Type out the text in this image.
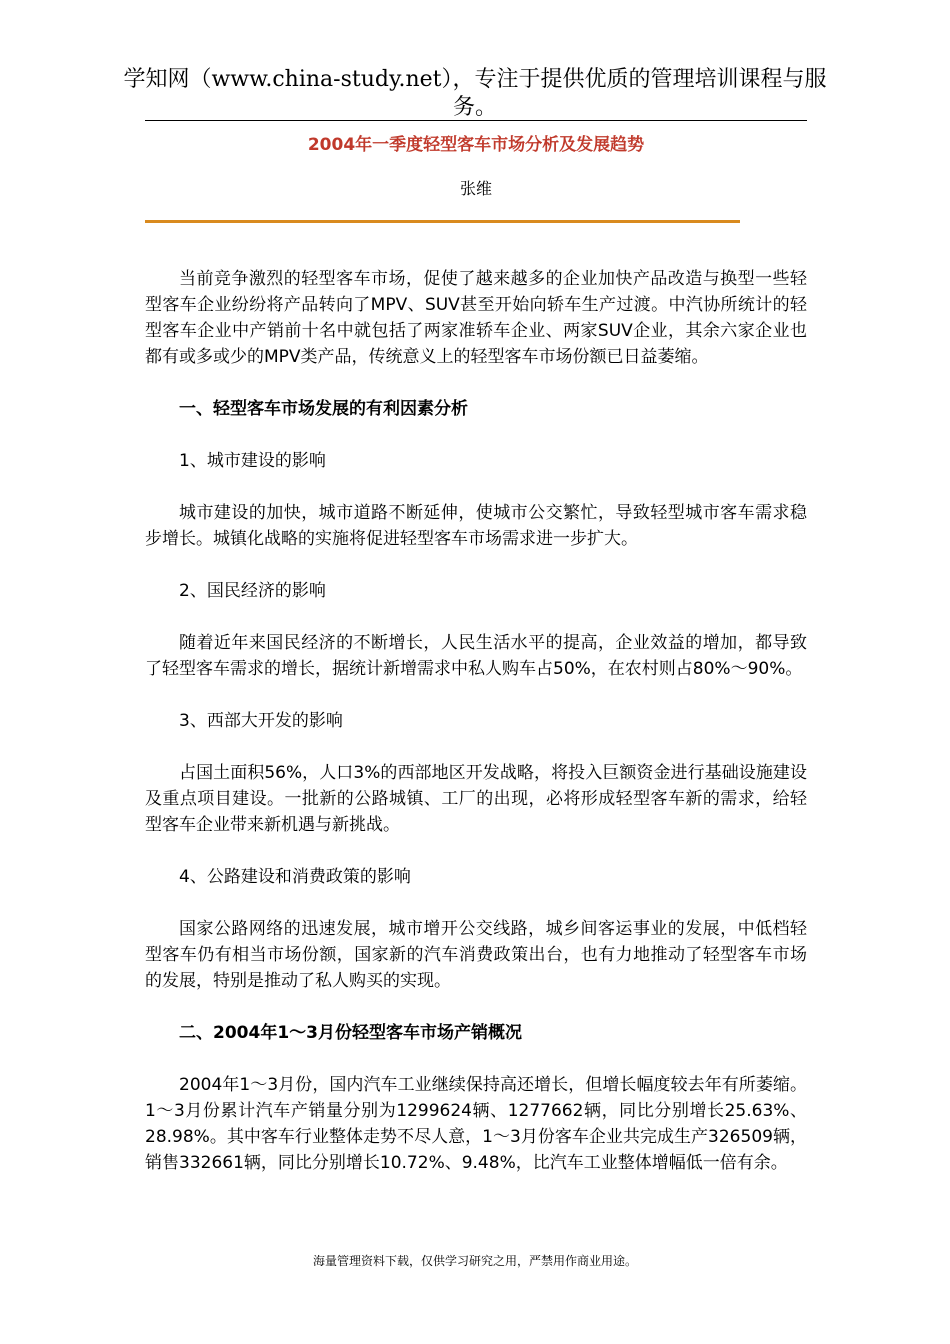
学知网（www.china-study.net），专注于提供优质的管理培训课程与服务。
2004年一季度轻型客车市场分析及发展趋势
张维

当前竞争激烈的轻型客车市场，促使了越来越多的企业加快产品改造与换型一些轻型客车企业纷纷将产品转向了MPV、SUV甚至开始向轿车生产过渡。中汽协所统计的轻型客车企业中产销前十名中就包括了两家准轿车企业、两家SUV企业，其余六家企业也都有或多或少的MPV类产品，传统意义上的轻型客车市场份额已日益萎缩。

一、轻型客车市场发展的有利因素分析
1、城市建设的影响

城市建设的加快，城市道路不断延伸，使城市公交繁忙，导致轻型城市客车需求稳步增长。城镇化战略的实施将促进轻型客车市场需求进一步扩大。

2、国民经济的影响

随着近年来国民经济的不断增长，人民生活水平的提高，企业效益的增加，都导致了轻型客车需求的增长，据统计新增需求中私人购车占50%，在农村则占80%～90%。

3、西部大开发的影响

占国土面积56%，人口3%的西部地区开发战略，将投入巨额资金进行基础设施建设及重点项目建设。一批新的公路城镇、工厂的出现，必将形成轻型客车新的需求，给轻型客车企业带来新机遇与新挑战。

4、公路建设和消费政策的影响

国家公路网络的迅速发展，城市增开公交线路，城乡间客运事业的发展，中低档轻型客车仍有相当市场份额，国家新的汽车消费政策出台，也有力地推动了轻型客车市场的发展，特别是推动了私人购买的实现。

二、2004年1～3月份轻型客车市场产销概况

2004年1～3月份，国内汽车工业继续保持高还增长，但增长幅度较去年有所萎缩。1～3月份累计汽车产销量分别为1299624辆、1277662辆，同比分别增长25.63%、28.98%。其中客车行业整体走势不尽人意，1～3月份客车企业共完成生产326509辆，销售332661辆，同比分别增长10.72%、9.48%，比汽车工业整体增幅低一倍有余。

海量管理资料下载，仅供学习研究之用，严禁用作商业用途。
